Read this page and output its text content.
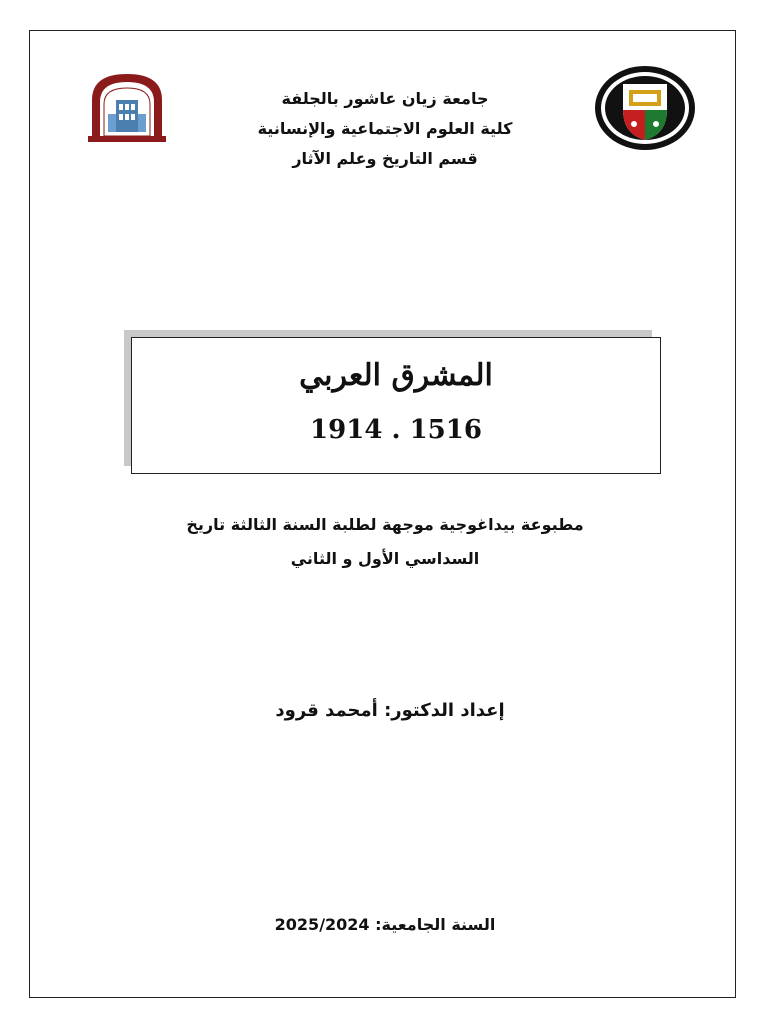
جامعة زيان عاشور بالجلفة
كلية العلوم الاجتماعية والإنسانية
قسم التاريخ وعلم الآثار
المشرق العربي
1914 . 1516
مطبوعة بيداغوجية موجهة لطلبة السنة الثالثة تاريخ
السداسي الأول و الثاني
إعداد الدكتور: أمحمد قرود
السنة الجامعية: 2025/2024
